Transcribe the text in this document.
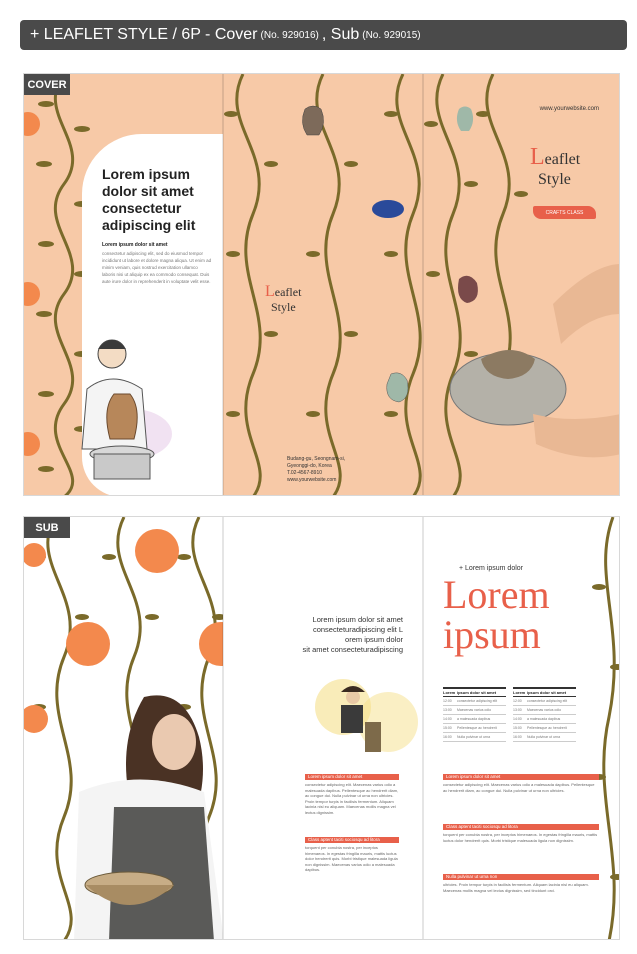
+ LEAFLET STYLE / 6P - Cover (No. 929016) , Sub (No. 929015)
COVER
Lorem ipsum dolor sit amet consectetur adipiscing elit
Lorem ipsum dolor sit amet
consectetur adipiscing elit, sed do eiusmod tempor incididunt ut labore et dolore magna aliqua. Ut enim ad minim veniam, quis nostrud exercitation ullamco laboris nisi ut aliquip ex ea commodo consequat. Duis aute irure dolor in reprehenderit in voluptate velit esse.
Leaflet
Style
Budang-gu, Seongnam-si,
Gyeonggi-do, Korea
T.02-4567-8910
www.yourwebsite.com
www.yourwebsite.com
Leaflet
Style
CRAFTS CLASS
SUB
Lorem ipsum dolor sit amet
consecteturadipiscing elit L
orem ipsum dolor
sit amet consecteturadipiscing
Lorem ipsum dolor sit amet
consectetur adipiscing elit. Maecenas varius odio a malesuada dapibus. Pellentesque ac hendrerit diam, ac congue dui. Nulla pulvinar ut urna non ultricies. Proin tempor turpis in facilisis fermentum. Aliquam lacinia nisl eu aliquam. Maecenas mollis magna vel lectus dignissim.
Class aptent taciti sociosqu ad litora
torquent per conubia nostra, per inceptos himenaeos. In egestas fringilla mauris, mattis luctus dolor hendrerit quis. Morbi tristique malesuada ligula non dignissim. Maecenas varius odio a malesuada dapibus.
+ Lorem ipsum dolor
Lorem
ipsum
Lorem ipsum dolor sit amet
12:00	consectetur adipiscing elit
13:00	Maecenas varius odio
14:00	a malesuada dapibus
15:00	Pellentesque ac hendrerit
16:00	Nulla pulvinar ut urna
Lorem ipsum dolor sit amet
12:00	consectetur adipiscing elit
13:00	Maecenas varius odio
14:00	a malesuada dapibus
15:00	Pellentesque ac hendrerit
16:00	Nulla pulvinar ut urna
Lorem ipsum dolor sit amet
consectetur adipiscing elit. Maecenas varius odio a malesuada dapibus. Pellentesque ac hendrerit diam, ac congue dui. Nulla pulvinar ut urna non ultricies.
Class aptent taciti sociosqu ad litora
torquent per conubia nostra, per inceptos himenaeos. In egestas fringilla mauris, mattis luctus dolor hendrerit quis. Morbi tristique malesuada ligula non dignissim.
Nulla pulvinar ut urna non
ultricies. Proin tempor turpis in facilisis fermentum. Aliquam lacinia nisl eu aliquam. Maecenas mollis magna vel lectus dignissim, sed tincidunt orci.
